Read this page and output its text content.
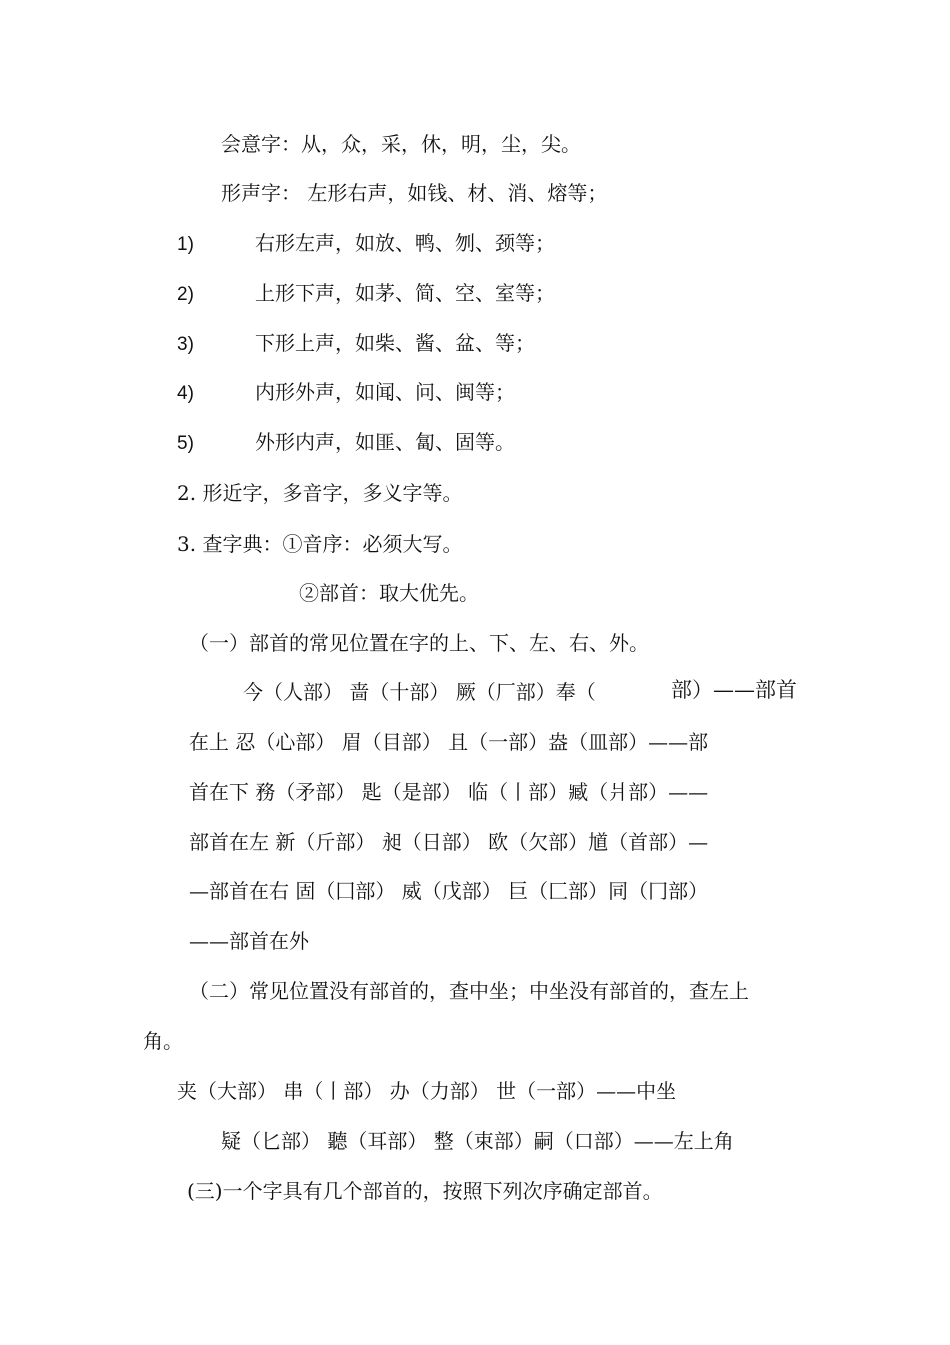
会意字：从，众，采，休，明，尘，尖。
形声字： 左形右声，如钱、材、消、熔等；
1)	右形左声，如放、鸭、刎、颈等；
2)	上形下声，如茅、简、空、室等；
3)	下形上声，如柴、酱、盆、等；
4)	内形外声，如闻、问、闽等；
5)	外形内声，如匪、匐、固等。
2. 形近字，多音字，多义字等。
3. 查字典：①音序：必须大写。
②部首：取大优先。
（一）部首的常见位置在字的上、下、左、右、外。
今（人部） 啬（十部） 厥（厂部）奉（	部）——部首
在上 忍（心部） 眉（目部） 且（一部）盎（皿部）——部
首在下 務（矛部） 匙（是部） 临（丨部）臧（爿部）——
部首在左 新（斤部） 昶（日部） 欧（欠部）馗（首部）—
—部首在右 固（囗部） 威（戊部） 巨（匚部）同（冂部）
——部首在外
（二）常见位置没有部首的，查中坐；中坐没有部首的，查左上
角。
夹（大部） 串（丨部） 办（力部） 世（一部）——中坐
疑（匕部） 聽（耳部） 整（束部）嗣（口部）——左上角
(三)一个字具有几个部首的，按照下列次序确定部首。
